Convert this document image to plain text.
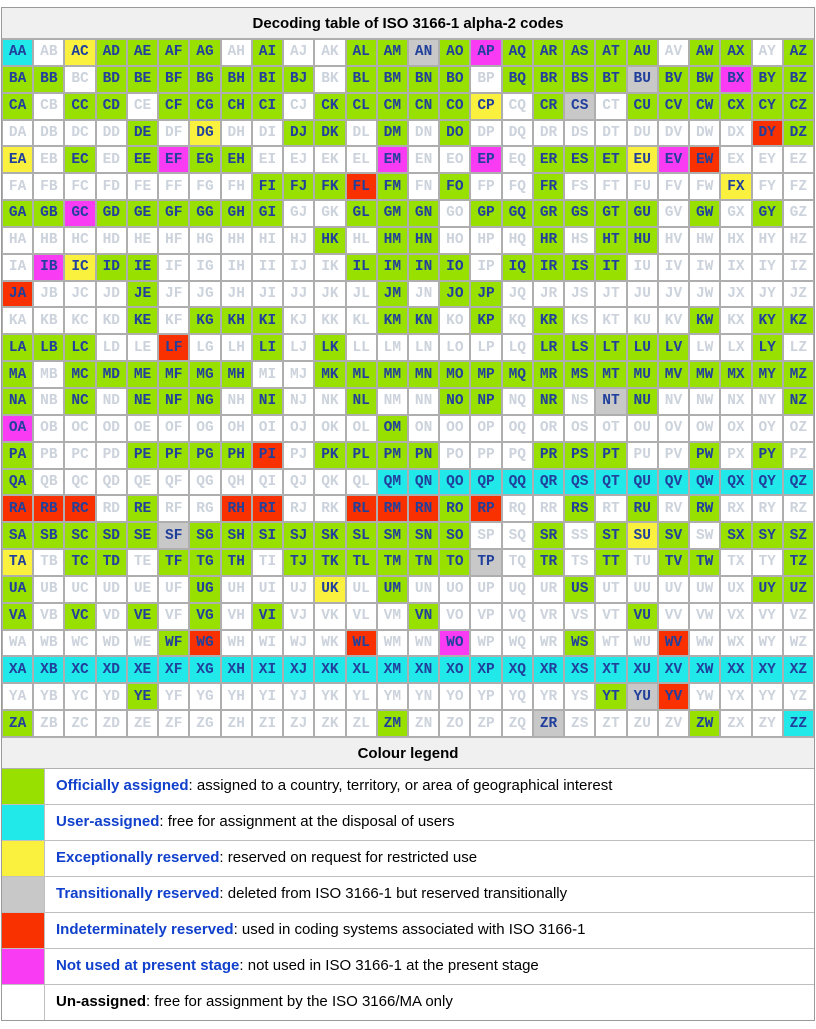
Decoding table of ISO 3166-1 alpha-2 codes
AA AB AC AD AE AF AG AH AI AJ AK AL AM AN AO AP AQ AR AS AT AU AV AW AX AY AZ
BA BB BC BD BE BF BG BH BI BJ BK BL BM BN BO BP BQ BR BS BT BU BV BW BX BY BZ
CA CB CC CD CE CF CG CH CI CJ CK CL CM CN CO CP CQ CR CS CT CU CV CW CX CY CZ
DA DB DC DD DE DF DG DH DI DJ DK DL DM DN DO DP DQ DR DS DT DU DV DW DX DY DZ
EA EB EC ED EE EF EG EH EI EJ EK EL EM EN EO EP EQ ER ES ET EU EV EW EX EY EZ
FA FB FC FD FE FF FG FH FI FJ FK FL FM FN FO FP FQ FR FS FT FU FV FW FX FY FZ
GA GB GC GD GE GF GG GH GI GJ GK GL GM GN GO GP GQ GR GS GT GU GV GW GX GY GZ
HA HB HC HD HE HF HG HH HI HJ HK HL HM HN HO HP HQ HR HS HT HU HV HW HX HY HZ
IA IB IC ID IE IF IG IH II IJ IK IL IM IN IO IP IQ IR IS IT IU IV IW IX IY IZ
JA JB JC JD JE JF JG JH JI JJ JK JL JM JN JO JP JQ JR JS JT JU JV JW JX JY JZ
KA KB KC KD KE KF KG KH KI KJ KK KL KM KN KO KP KQ KR KS KT KU KV KW KX KY KZ
LA LB LC LD LE LF LG LH LI LJ LK LL LM LN LO LP LQ LR LS LT LU LV LW LX LY LZ
MA MB MC MD ME MF MG MH MI MJ MK ML MM MN MO MP MQ MR MS MT MU MV MW MX MY MZ
NA NB NC ND NE NF NG NH NI NJ NK NL NM NN NO NP NQ NR NS NT NU NV NW NX NY NZ
OA OB OC OD OE OF OG OH OI OJ OK OL OM ON OO OP OQ OR OS OT OU OV OW OX OY OZ
PA PB PC PD PE PF PG PH PI PJ PK PL PM PN PO PP PQ PR PS PT PU PV PW PX PY PZ
QA QB QC QD QE QF QG QH QI QJ QK QL QM QN QO QP QQ QR QS QT QU QV QW QX QY QZ
RA RB RC RD RE RF RG RH RI RJ RK RL RM RN RO RP RQ RR RS RT RU RV RW RX RY RZ
SA SB SC SD SE SF SG SH SI SJ SK SL SM SN SO SP SQ SR SS ST SU SV SW SX SY SZ
TA TB TC TD TE TF TG TH TI TJ TK TL TM TN TO TP TQ TR TS TT TU TV TW TX TY TZ
UA UB UC UD UE UF UG UH UI UJ UK UL UM UN UO UP UQ UR US UT UU UV UW UX UY UZ
VA VB VC VD VE VF VG VH VI VJ VK VL VM VN VO VP VQ VR VS VT VU VV VW VX VY VZ
WA WB WC WD WE WF WG WH WI WJ WK WL WM WN WO WP WQ WR WS WT WU WV WW WX WY WZ
XA XB XC XD XE XF XG XH XI XJ XK XL XM XN XO XP XQ XR XS XT XU XV XW XX XY XZ
YA YB YC YD YE YF YG YH YI YJ YK YL YM YN YO YP YQ YR YS YT YU YV YW YX YY YZ
ZA ZB ZC ZD ZE ZF ZG ZH ZI ZJ ZK ZL ZM ZN ZO ZP ZQ ZR ZS ZT ZU ZV ZW ZX ZY ZZ
Colour legend
Officially assigned: assigned to a country, territory, or area of geographical interest
User-assigned: free for assignment at the disposal of users
Exceptionally reserved: reserved on request for restricted use
Transitionally reserved: deleted from ISO 3166-1 but reserved transitionally
Indeterminately reserved: used in coding systems associated with ISO 3166-1
Not used at present stage: not used in ISO 3166-1 at the present stage
Un-assigned: free for assignment by the ISO 3166/MA only
